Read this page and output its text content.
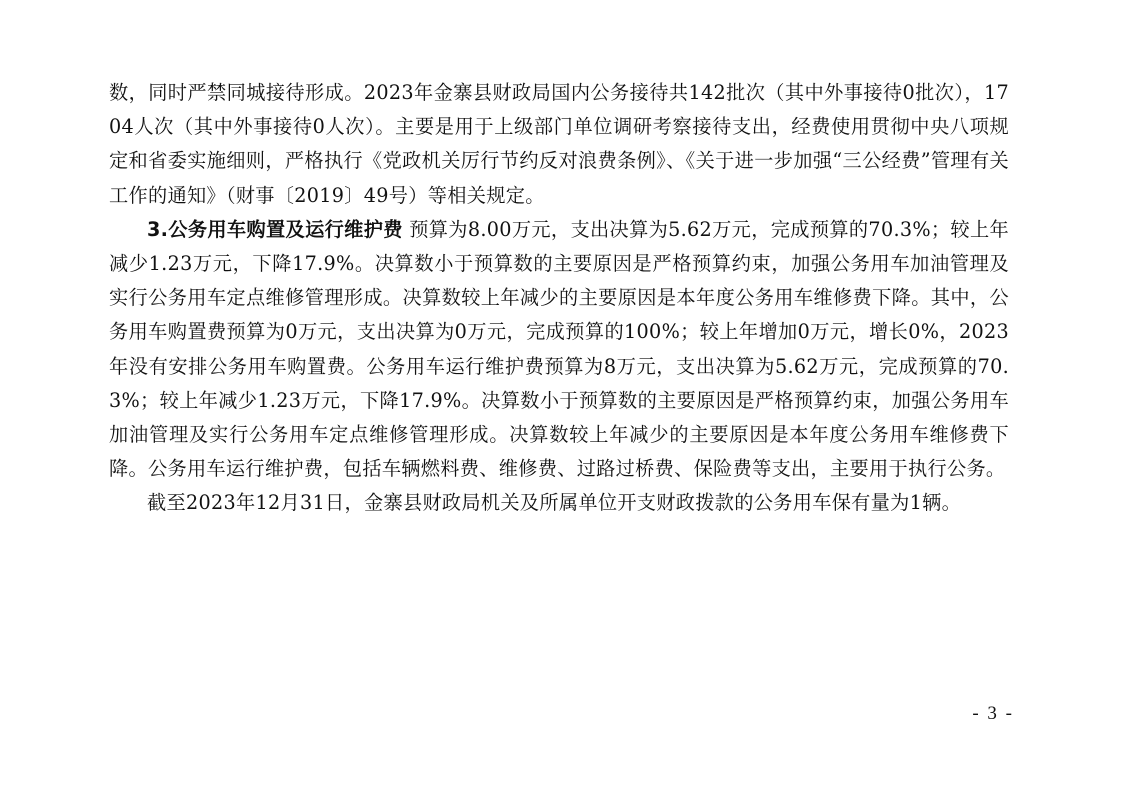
数，同时严禁同城接待形成。2023年金寨县财政局国内公务接待共142批次（其中外事接待0批次），1704人次（其中外事接待0人次）。主要是用于上级部门单位调研考察接待支出，经费使用贯彻中央八项规定和省委实施细则，严格执行《党政机关厉行节约反对浪费条例》、《关于进一步加强“三公经费”管理有关工作的通知》（财事〔2019〕49号）等相关规定。

3.公务用车购置及运行维护费 预算为8.00万元，支出决算为5.62万元，完成预算的70.3%；较上年减少1.23万元，下降17.9%。决算数小于预算数的主要原因是严格预算约束，加强公务用车加油管理及实行公务用车定点维修管理形成。决算数较上年减少的主要原因是本年度公务用车维修费下降。其中，公务用车购置费预算为0万元，支出决算为0万元，完成预算的100%；较上年增加0万元，增长0%，2023年没有安排公务用车购置费。公务用车运行维护费预算为8万元，支出决算为5.62万元，完成预算的70.3%；较上年减少1.23万元，下降17.9%。决算数小于预算数的主要原因是严格预算约束，加强公务用车加油管理及实行公务用车定点维修管理形成。决算数较上年减少的主要原因是本年度公务用车维修费下降。公务用车运行维护费，包括车辆燃料费、维修费、过路过桥费、保险费等支出，主要用于执行公务。

截至2023年12月31日，金寨县财政局机关及所属单位开支财政拨款的公务用车保有量为1辆。

- 3 -
